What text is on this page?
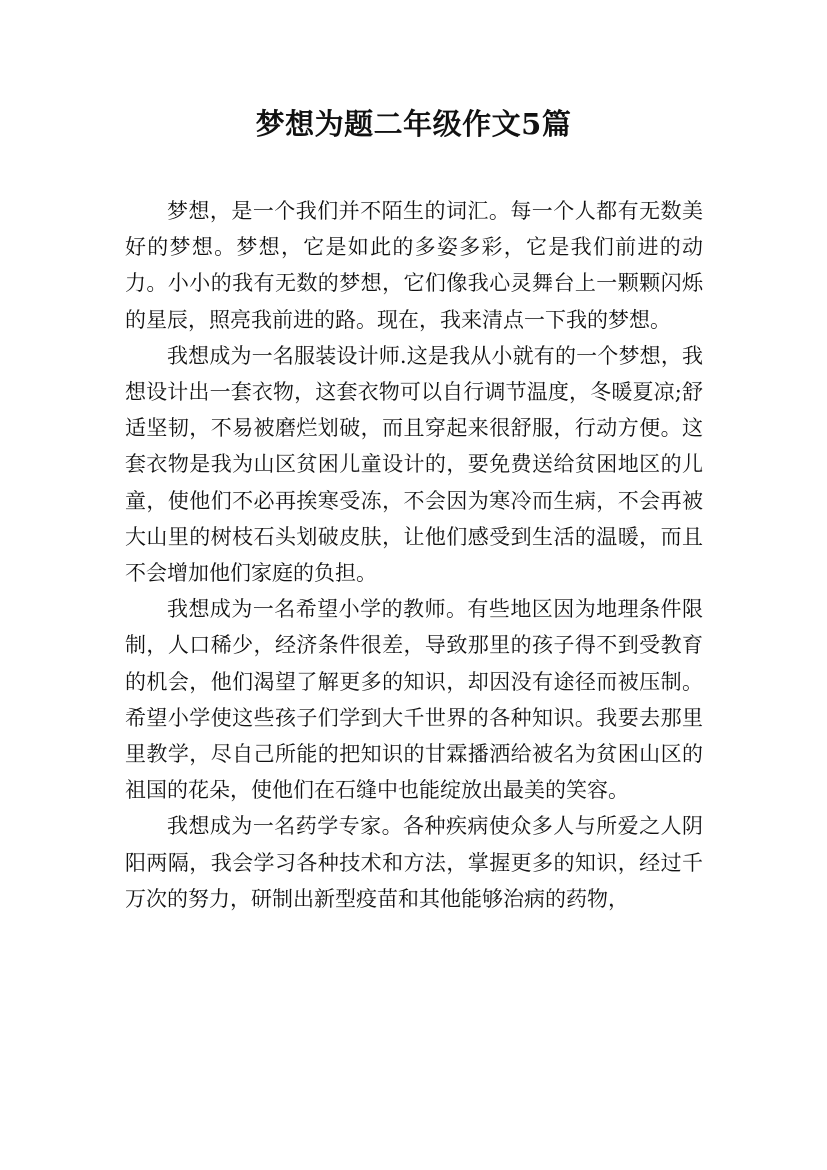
梦想为题二年级作文5篇

梦想，是一个我们并不陌生的词汇。每一个人都有无数美好的梦想。梦想，它是如此的多姿多彩，它是我们前进的动力。小小的我有无数的梦想，它们像我心灵舞台上一颗颗闪烁的星辰，照亮我前进的路。现在，我来清点一下我的梦想。

我想成为一名服装设计师.这是我从小就有的一个梦想，我想设计出一套衣物，这套衣物可以自行调节温度，冬暖夏凉;舒适坚韧，不易被磨烂划破，而且穿起来很舒服，行动方便。这套衣物是我为山区贫困儿童设计的，要免费送给贫困地区的儿童，使他们不必再挨寒受冻，不会因为寒冷而生病，不会再被大山里的树枝石头划破皮肤，让他们感受到生活的温暖，而且不会增加他们家庭的负担。

我想成为一名希望小学的教师。有些地区因为地理条件限制，人口稀少，经济条件很差，导致那里的孩子得不到受教育的机会，他们渴望了解更多的知识，却因没有途径而被压制。希望小学使这些孩子们学到大千世界的各种知识。我要去那里里教学，尽自己所能的把知识的甘霖播洒给被名为贫困山区的祖国的花朵，使他们在石缝中也能绽放出最美的笑容。

我想成为一名药学专家。各种疾病使众多人与所爱之人阴阳两隔，我会学习各种技术和方法，掌握更多的知识，经过千万次的努力，研制出新型疫苗和其他能够治病的药物，
